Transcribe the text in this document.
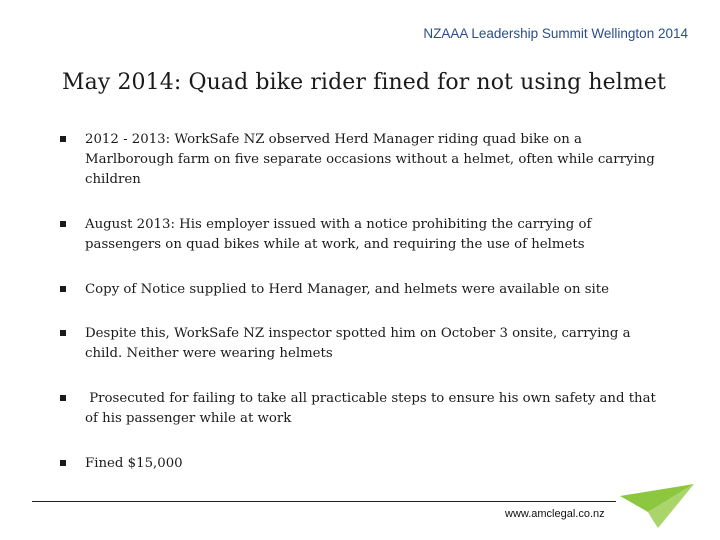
NZAAA Leadership Summit Wellington 2014
May 2014: Quad bike rider fined for not using helmet
2012 - 2013: WorkSafe NZ observed Herd Manager riding quad bike on a Marlborough farm on five separate occasions without a helmet, often while carrying children
August 2013: His employer issued with a notice prohibiting the carrying of passengers on quad bikes while at work, and requiring the use of helmets
Copy of Notice supplied to Herd Manager, and helmets were available on site
Despite this, WorkSafe NZ inspector spotted him on October 3 onsite, carrying a child. Neither were wearing helmets
Prosecuted for failing to take all practicable steps to ensure his own safety and that of his passenger while at work
Fined $15,000
www.amclegal.co.nz
